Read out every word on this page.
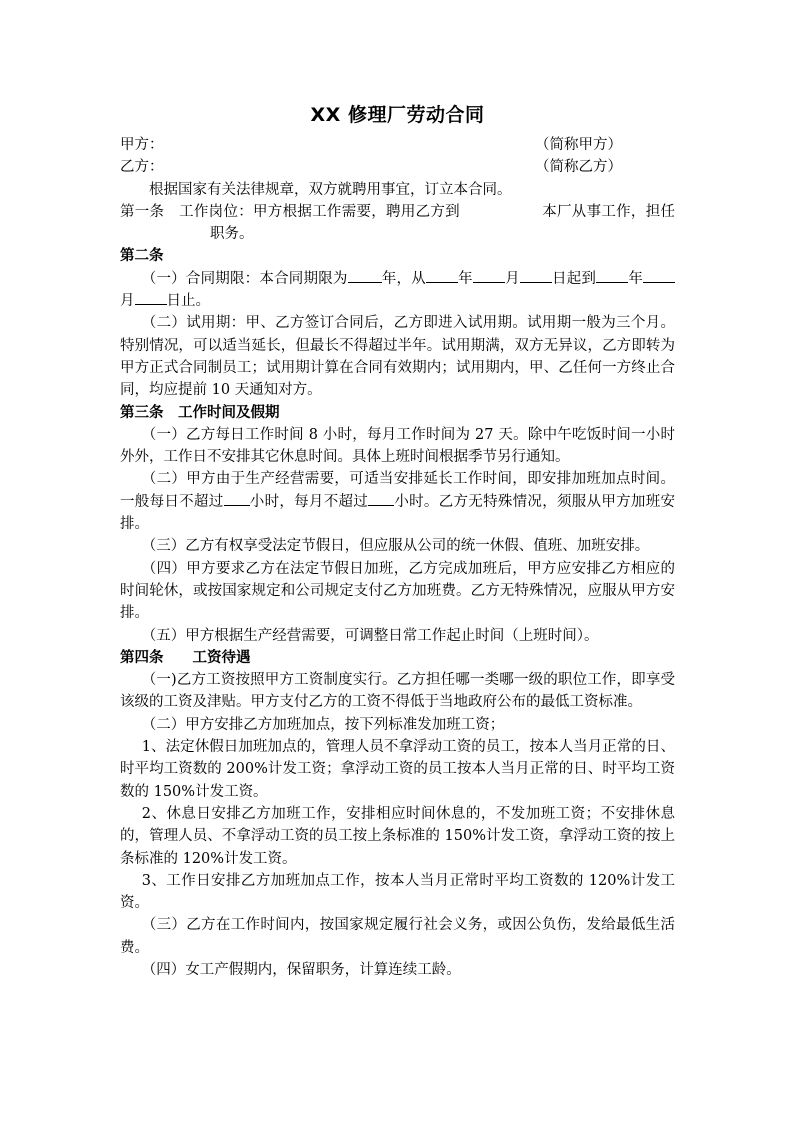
XX 修理厂劳动合同
甲方：	（简称甲方）
乙方：	（简称乙方）

根据国家有关法律规章，双方就聘用事宜，订立本合同。

第一条　工作岗位：甲方根据工作需要，聘用乙方到	本厂从事工作，担任职务。

第二条

（一）合同期限：本合同期限为 年，从 年 月 日起到 年月 日止。

（二）试用期：甲、乙方签订合同后，乙方即进入试用期。试用期一般为三个月。特别情况，可以适当延长，但最长不得超过半年。试用期满，双方无异议，乙方即转为甲方正式合同制员工；试用期计算在合同有效期内；试用期内，甲、乙任何一方终止合同，均应提前 10 天通知对方。

第三条　工作时间及假期

（一）乙方每日工作时间 8 小时，每月工作时间为 27 天。除中午吃饭时间一小时外外，工作日不安排其它休息时间。具体上班时间根据季节另行通知。

（二）甲方由于生产经营需要，可适当安排延长工作时间，即安排加班加点时间。一般每日不超过 小时，每月不超过 小时。乙方无特殊情况，须服从甲方加班安排。

（三）乙方有权享受法定节假日，但应服从公司的统一休假、值班、加班安排。

（四）甲方要求乙方在法定节假日加班，乙方完成加班后，甲方应安排乙方相应的时间轮休，或按国家规定和公司规定支付乙方加班费。乙方无特殊情况，应服从甲方安排。

（五）甲方根据生产经营需要，可调整日常工作起止时间（上班时间）。

第四条　　工资待遇

（一)乙方工资按照甲方工资制度实行。乙方担任哪一类哪一级的职位工作，即享受该级的工资及津贴。甲方支付乙方的工资不得低于当地政府公布的最低工资标准。

（二）甲方安排乙方加班加点，按下列标准发加班工资；

1、法定休假日加班加点的，管理人员不拿浮动工资的员工，按本人当月正常的日、时平均工资数的 200%计发工资；拿浮动工资的员工按本人当月正常的日、时平均工资数的 150%计发工资。

2、休息日安排乙方加班工作，安排相应时间休息的，不发加班工资；不安排休息的，管理人员、不拿浮动工资的员工按上条标准的 150%计发工资，拿浮动工资的按上条标准的 120%计发工资。

3、工作日安排乙方加班加点工作，按本人当月正常时平均工资数的 120%计发工资。

（三）乙方在工作时间内，按国家规定履行社会义务，或因公负伤，发给最低生活费。

（四）女工产假期内，保留职务，计算连续工龄。
